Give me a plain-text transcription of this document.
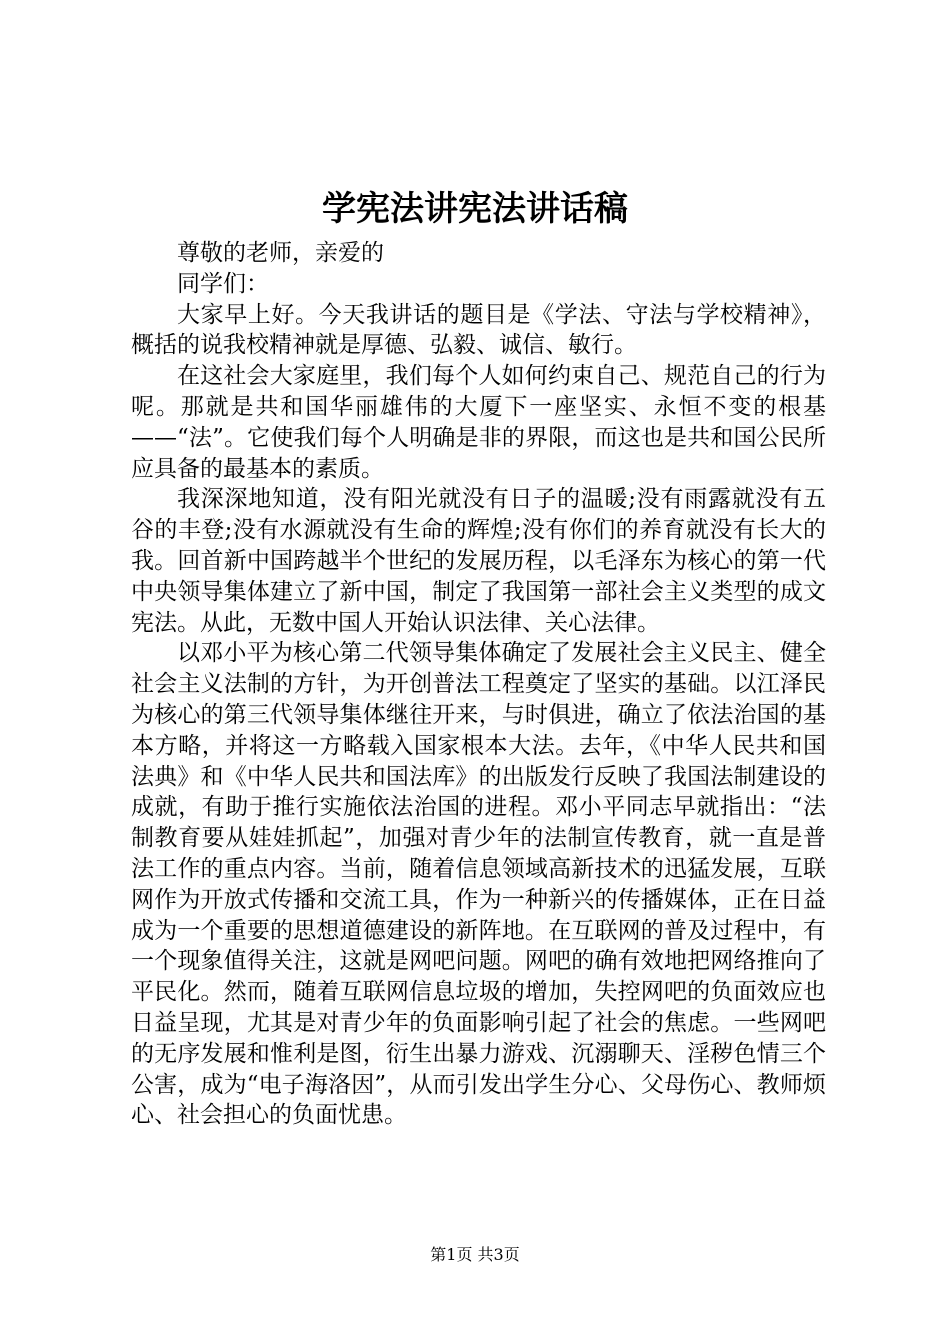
学宪法讲宪法讲话稿

尊敬的老师，亲爱的

同学们：

大家早上好。今天我讲话的题目是《学法、守法与学校精神》，概括的说我校精神就是厚德、弘毅、诚信、敏行。

在这社会大家庭里，我们每个人如何约束自己、规范自己的行为呢。那就是共和国华丽雄伟的大厦下一座坚实、永恒不变的根基——“法”。它使我们每个人明确是非的界限，而这也是共和国公民所应具备的最基本的素质。

我深深地知道，没有阳光就没有日子的温暖;没有雨露就没有五谷的丰登;没有水源就没有生命的辉煌;没有你们的养育就没有长大的我。回首新中国跨越半个世纪的发展历程，以毛泽东为核心的第一代中央领导集体建立了新中国，制定了我国第一部社会主义类型的成文宪法。从此，无数中国人开始认识法律、关心法律。

以邓小平为核心第二代领导集体确定了发展社会主义民主、健全社会主义法制的方针，为开创普法工程奠定了坚实的基础。以江泽民为核心的第三代领导集体继往开来，与时俱进，确立了依法治国的基本方略，并将这一方略载入国家根本大法。去年，《中华人民共和国法典》和《中华人民共和国法库》的出版发行反映了我国法制建设的成就，有助于推行实施依法治国的进程。邓小平同志早就指出：“法制教育要从娃娃抓起”，加强对青少年的法制宣传教育，就一直是普法工作的重点内容。当前，随着信息领域高新技术的迅猛发展，互联网作为开放式传播和交流工具，作为一种新兴的传播媒体，正在日益成为一个重要的思想道德建设的新阵地。在互联网的普及过程中，有一个现象值得关注，这就是网吧问题。网吧的确有效地把网络推向了平民化。然而，随着互联网信息垃圾的增加，失控网吧的负面效应也日益呈现，尤其是对青少年的负面影响引起了社会的焦虑。一些网吧的无序发展和惟利是图，衍生出暴力游戏、沉溺聊天、淫秽色情三个公害，成为“电子海洛因”，从而引发出学生分心、父母伤心、教师烦心、社会担心的负面忧患。

第1页 共3页
